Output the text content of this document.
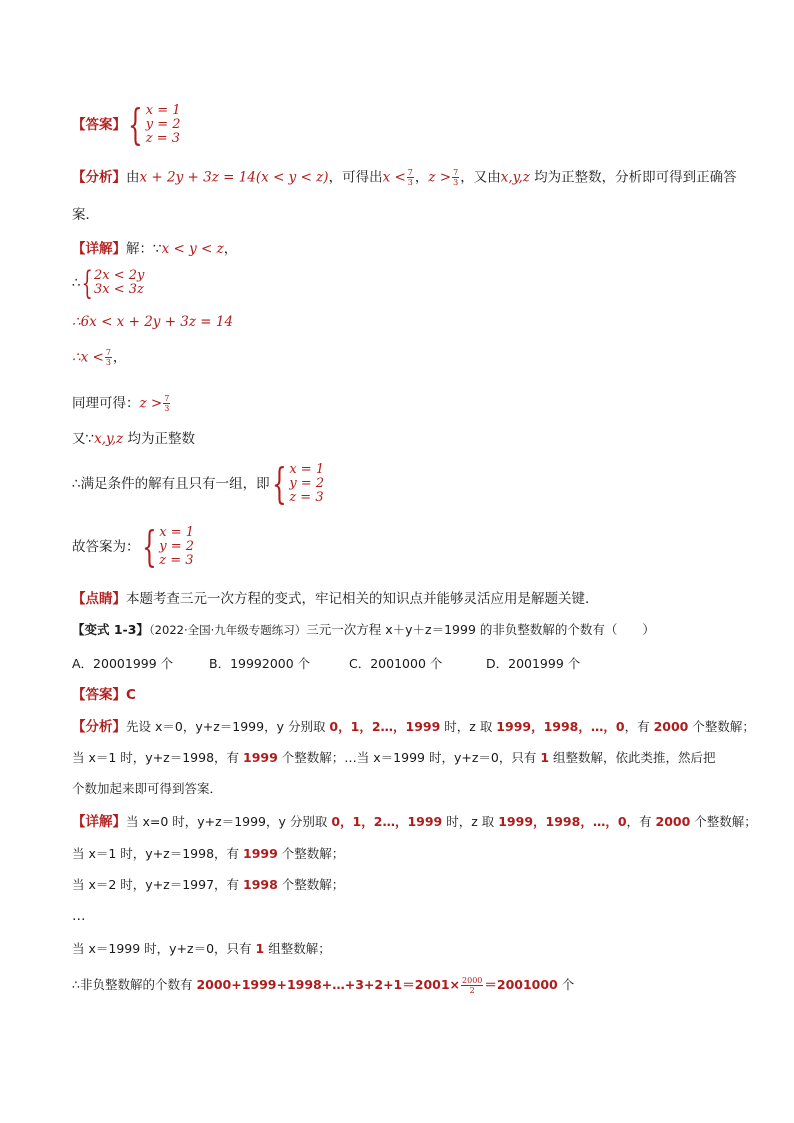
【答案】 { x = 1
y = 2
z = 3
【分析】由x + 2y + 3z = 14(x < y < z)，可得出$x < \frac{7}{3}$ ，$z > \frac{7}{3}$ ，又由x,y,z 均为正整数，分析即可得到正确答
案．
【详解】解：∵x < y < z，
∴ { 2x < 2y
3x < 3z
∴6x < x + 2y + 3z = 14
∴x < $\frac{7}{3}$ ，
同理可得：$z > \frac{7}{3}$
又∵x,y,z 均为正整数
∴满足条件的解有且只有一组，即 { x = 1
y = 2
z = 3
故答案为： { x = 1
y = 2
z = 3
【点睛】本题考查三元一次方程的变式，牢记相关的知识点并能够灵活应用是解题关键．
【变式 1-3】（2022·全国·九年级专题练习）三元一次方程 x＋y＋z＝1999 的非负整数解的个数有（　　）
A．20001999 个	B．19992000 个	C．2001000 个	D．2001999 个
【答案】C
【分析】先设 x＝0，y+z＝1999，y 分别取 0，1，2…，1999 时，z 取 1999，1998，…，0，有 2000 个整数解；
当 x＝1 时，y+z＝1998，有 1999 个整数解；…当 x＝1999 时，y+z＝0，只有 1 组整数解，依此类推，然后把
个数加起来即可得到答案．
【详解】当 x=0 时，y+z＝1999，y 分别取 0，1，2…，1999 时，z 取 1999，1998，…，0，有 2000 个整数解；
当 x＝1 时，y+z＝1998，有 1999 个整数解；
当 x＝2 时，y+z＝1997，有 1998 个整数解；
…
当 x＝1999 时，y+z＝0，只有 1 组整数解；
∴非负整数解的个数有 2000+1999+1998+…+3+2+1＝2001× $\frac{2000}{2} =2001000$ 个
